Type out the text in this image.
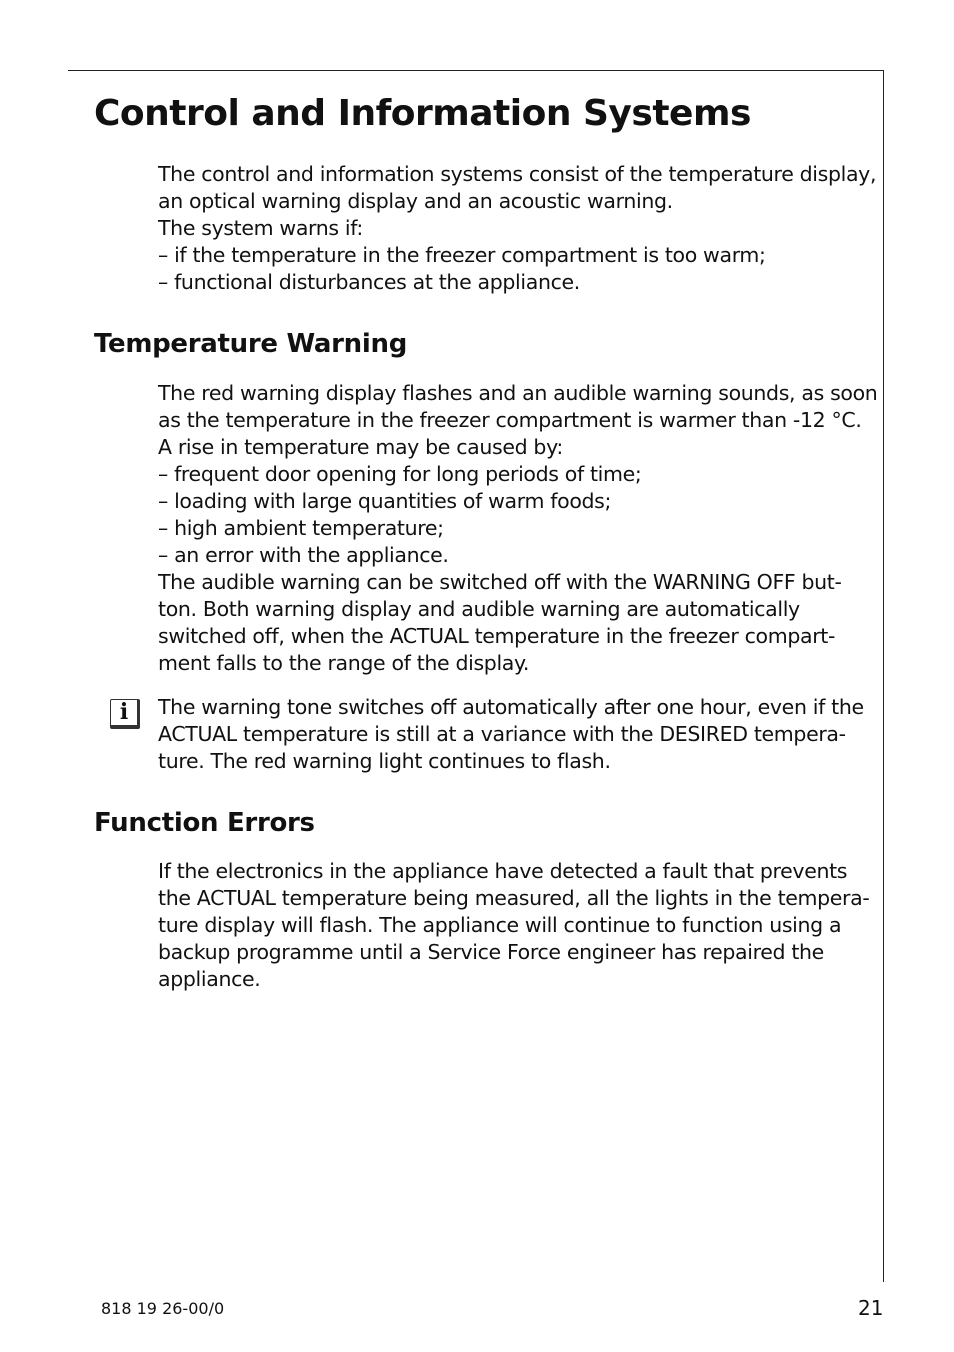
Control and Information Systems

The control and information systems consist of the temperature display,
an optical warning display and an acoustic warning.
The system warns if:
– if the temperature in the freezer compartment is too warm;
– functional disturbances at the appliance.

Temperature Warning

The red warning display flashes and an audible warning sounds, as soon
as the temperature in the freezer compartment is warmer than -12 °C.
A rise in temperature may be caused by:
– frequent door opening for long periods of time;
– loading with large quantities of warm foods;
– high ambient temperature;
– an error with the appliance.
The audible warning can be switched off with the WARNING OFF but-
ton. Both warning display and audible warning are automatically
switched off, when the ACTUAL temperature in the freezer compart-
ment falls to the range of the display.

i	The warning tone switches off automatically after one hour, even if the
ACTUAL temperature is still at a variance with the DESIRED tempera-
ture. The red warning light continues to flash.

Function Errors

If the electronics in the appliance have detected a fault that prevents
the ACTUAL temperature being measured, all the lights in the tempera-
ture display will flash. The appliance will continue to function using a
backup programme until a Service Force engineer has repaired the
appliance.

818 19 26-00/0	21
